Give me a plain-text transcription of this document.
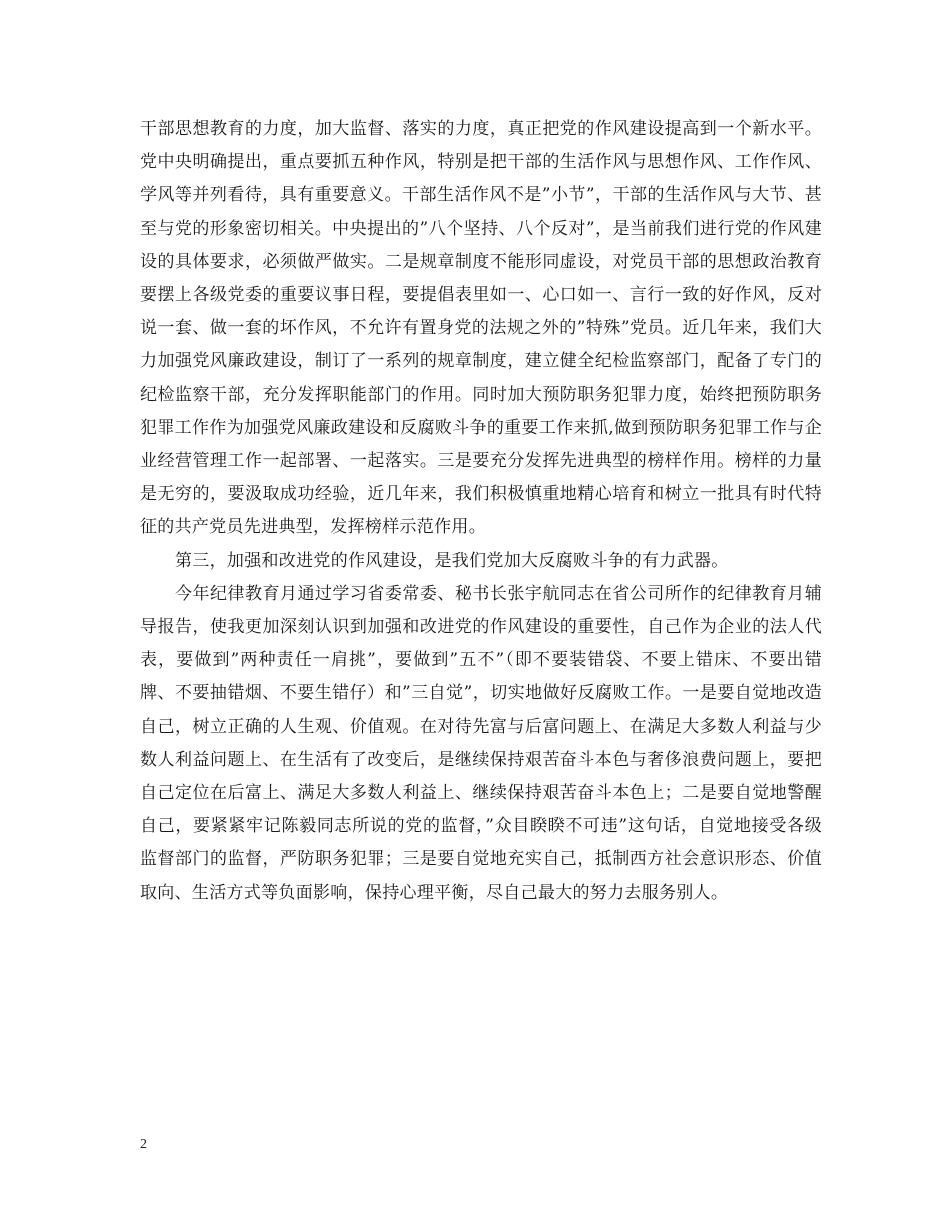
干部思想教育的力度，加大监督、落实的力度，真正把党的作风建设提高到一个新水平。党中央明确提出，重点要抓五种作风，特别是把干部的生活作风与思想作风、工作作风、学风等并列看待，具有重要意义。干部生活作风不是”小节”，干部的生活作风与大节、甚至与党的形象密切相关。中央提出的”八个坚持、八个反对”，是当前我们进行党的作风建设的具体要求，必须做严做实。二是规章制度不能形同虚设，对党员干部的思想政治教育要摆上各级党委的重要议事日程，要提倡表里如一、心口如一、言行一致的好作风，反对说一套、做一套的坏作风，不允许有置身党的法规之外的”特殊”党员。近几年来，我们大力加强党风廉政建设，制订了一系列的规章制度，建立健全纪检监察部门，配备了专门的纪检监察干部，充分发挥职能部门的作用。同时加大预防职务犯罪力度，始终把预防职务犯罪工作作为加强党风廉政建设和反腐败斗争的重要工作来抓,做到预防职务犯罪工作与企业经营管理工作一起部署、一起落实。三是要充分发挥先进典型的榜样作用。榜样的力量是无穷的，要汲取成功经验，近几年来，我们积极慎重地精心培育和树立一批具有时代特征的共产党员先进典型，发挥榜样示范作用。

第三，加强和改进党的作风建设，是我们党加大反腐败斗争的有力武器。

今年纪律教育月通过学习省委常委、秘书长张宇航同志在省公司所作的纪律教育月辅导报告，使我更加深刻认识到加强和改进党的作风建设的重要性，自己作为企业的法人代表，要做到”两种责任一肩挑”，要做到”五不”（即不要装错袋、不要上错床、不要出错牌、不要抽错烟、不要生错仔）和”三自觉”，切实地做好反腐败工作。一是要自觉地改造自己，树立正确的人生观、价值观。在对待先富与后富问题上、在满足大多数人利益与少数人利益问题上、在生活有了改变后，是继续保持艰苦奋斗本色与奢侈浪费问题上，要把自己定位在后富上、满足大多数人利益上、继续保持艰苦奋斗本色上；二是要自觉地警醒自己，要紧紧牢记陈毅同志所说的党的监督，”众目睽睽不可违”这句话，自觉地接受各级监督部门的监督，严防职务犯罪；三是要自觉地充实自己，抵制西方社会意识形态、价值取向、生活方式等负面影响，保持心理平衡，尽自己最大的努力去服务别人。

2
